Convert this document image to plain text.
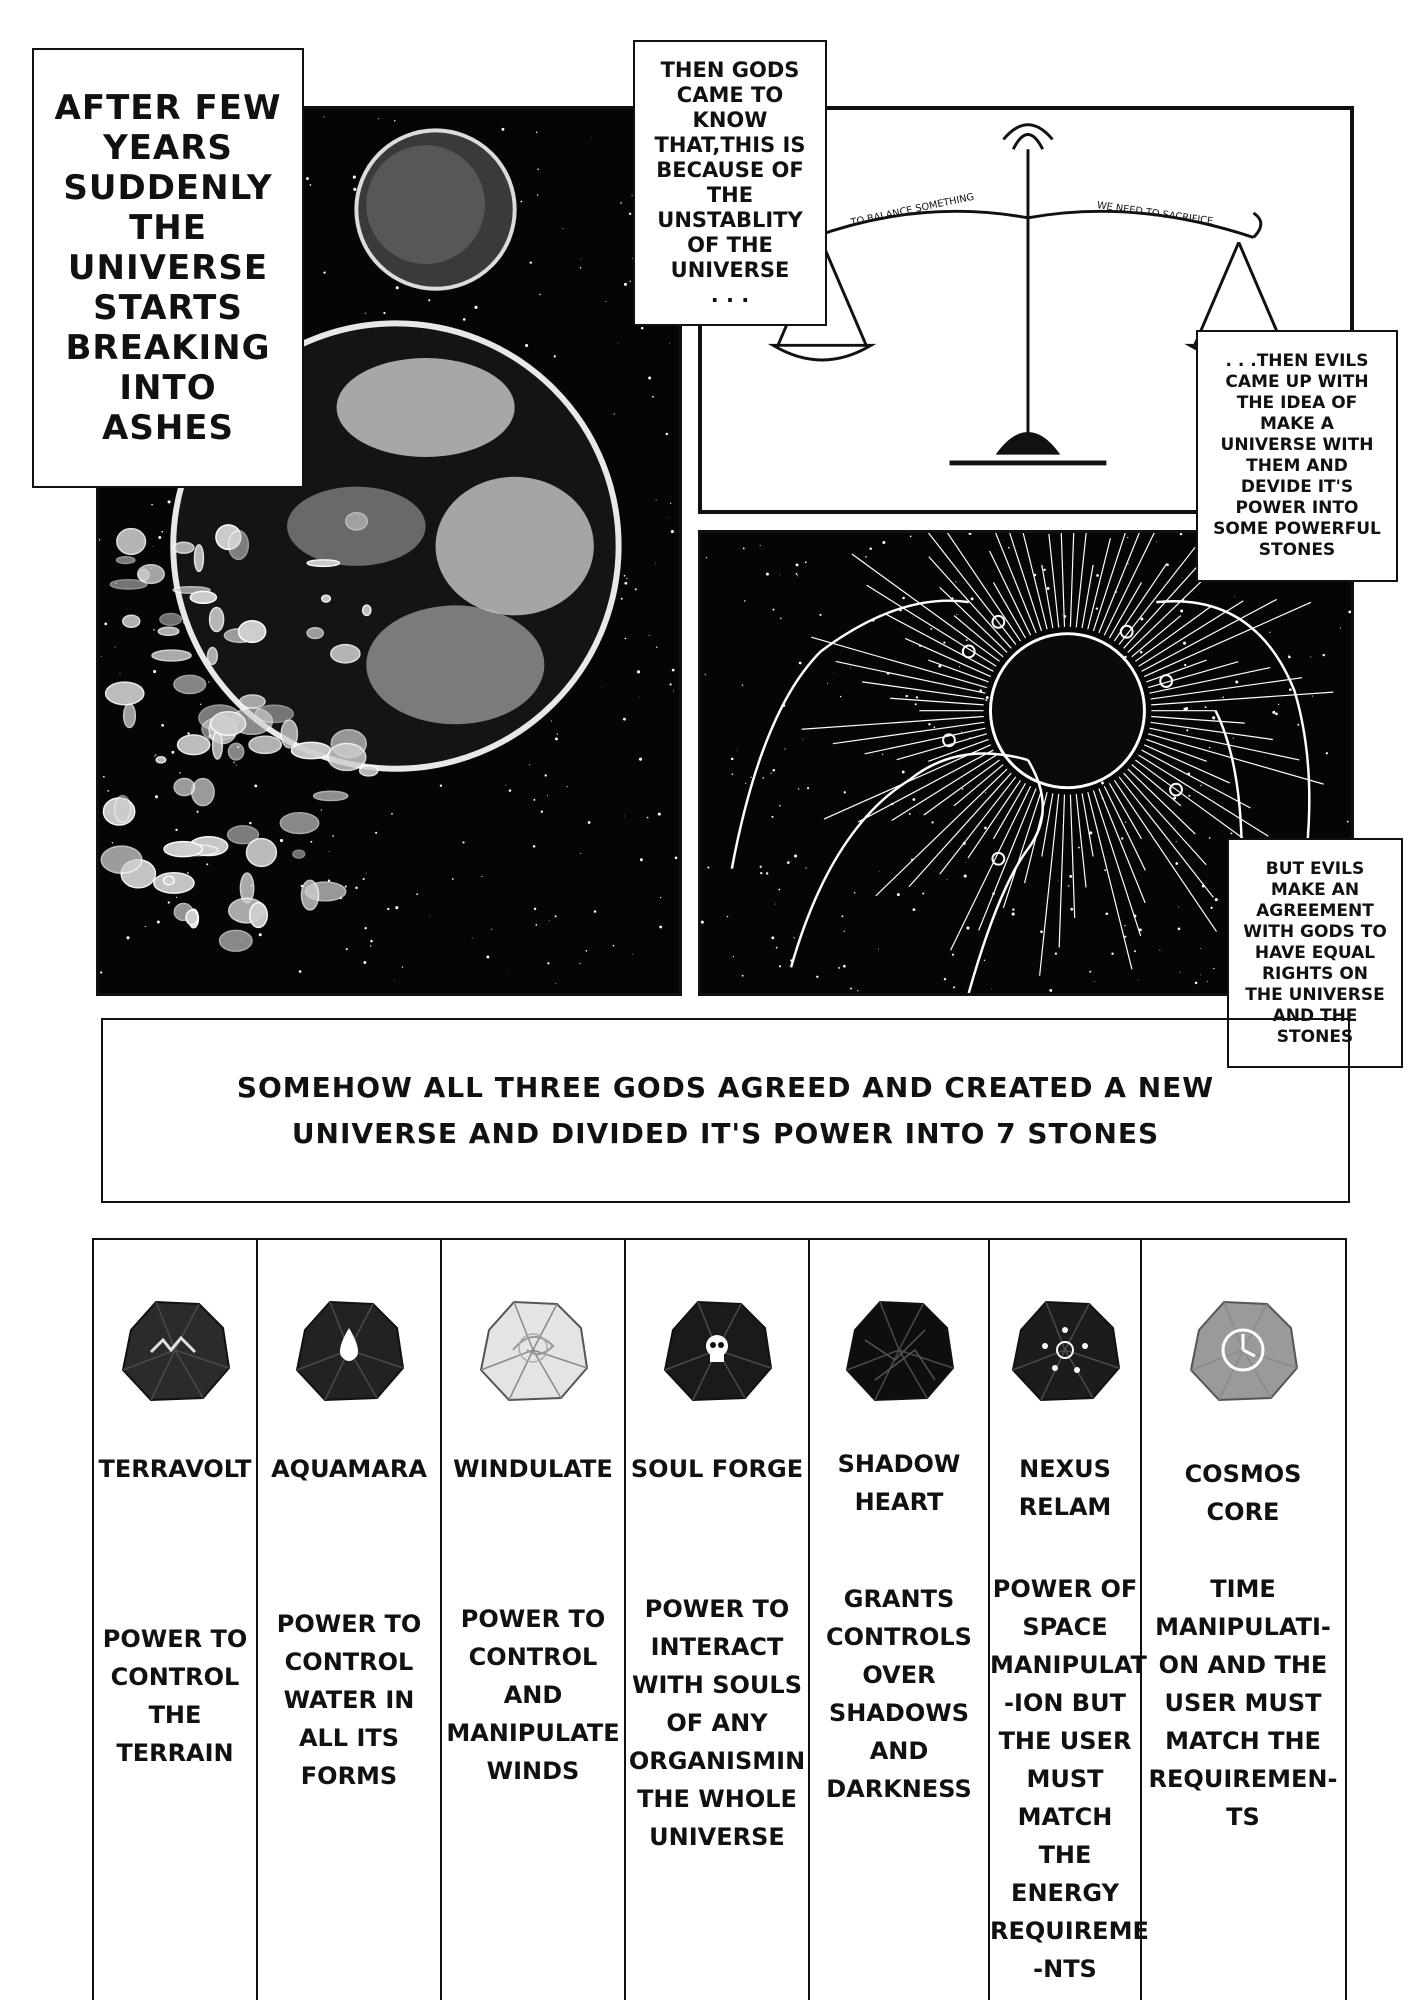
TO BALANCE SOMETHING	WE NEED TO SACRIFICE
AFTER FEW
YEARS
SUDDENLY
THE
UNIVERSE
STARTS
BREAKING
INTO
ASHES
THEN GODS
CAME TO
KNOW
THAT,THIS IS
BECAUSE OF
THE
UNSTABLITY
OF THE
UNIVERSE
. . .
. . .THEN EVILS
CAME UP WITH
THE IDEA OF
MAKE A
UNIVERSE WITH
THEM AND
DEVIDE IT'S
POWER INTO
SOME POWERFUL
STONES
BUT EVILS
MAKE AN
AGREEMENT
WITH GODS TO
HAVE EQUAL
RIGHTS ON
THE UNIVERSE
AND THE
STONES
SOMEHOW ALL THREE GODS AGREED AND CREATED A NEW
UNIVERSE AND DIVIDED IT'S POWER INTO 7 STONES
TERRAVOLT
POWER TO
CONTROL
THE
TERRAIN
AQUAMARA
POWER TO
CONTROL
WATER IN
ALL ITS
FORMS
WINDULATE
POWER TO
CONTROL
AND
MANIPULATE
WINDS
SOUL FORGE
POWER TO
INTERACT
WITH SOULS
OF ANY
ORGANISMIN
THE WHOLE
UNIVERSE
SHADOW
HEART
GRANTS
CONTROLS
OVER
SHADOWS
AND
DARKNESS
NEXUS
RELAM
POWER OF
SPACE
MANIPULAT
-ION BUT
THE USER
MUST
MATCH THE
ENERGY
REQUIREME
-NTS
COSMOS
CORE
TIME
MANIPULATI-
ON AND THE
USER MUST
MATCH THE
REQUIREMEN-
TS
